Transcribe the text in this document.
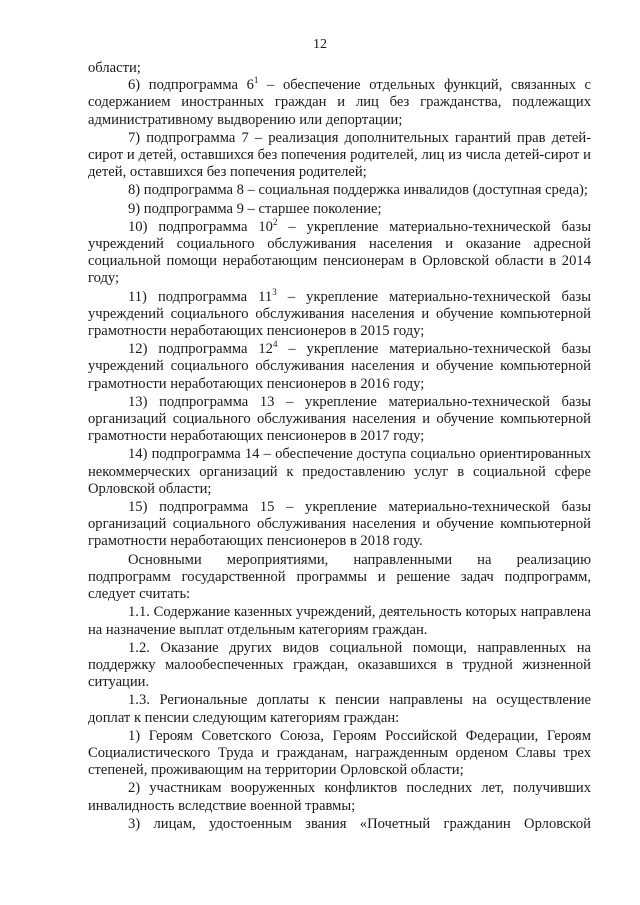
12

области;

6) подпрограмма $6^1$ – обеспечение отдельных функций, связанных с содержанием иностранных граждан и лиц без гражданства, подлежащих административному выдворению или депортации;

7) подпрограмма 7 – реализация дополнительных гарантий прав детей-сирот и детей, оставшихся без попечения родителей, лиц из числа детей-сирот и детей, оставшихся без попечения родителей;

8) подпрограмма 8 – социальная поддержка инвалидов (доступная среда);

9) подпрограмма 9 – старшее поколение;

10) подпрограмма $10^2$ – укрепление материально-технической базы учреждений социального обслуживания населения и оказание адресной социальной помощи неработающим пенсионерам в Орловской области в 2014 году;

11) подпрограмма $11^3$ – укрепление материально-технической базы учреждений социального обслуживания населения и обучение компьютерной грамотности неработающих пенсионеров в 2015 году;

12) подпрограмма $12^4$ – укрепление материально-технической базы учреждений социального обслуживания населения и обучение компьютерной грамотности неработающих пенсионеров в 2016 году;

13) подпрограмма 13 – укрепление материально-технической базы организаций социального обслуживания населения и обучение компьютерной грамотности неработающих пенсионеров в 2017 году;

14) подпрограмма 14 – обеспечение доступа социально ориентированных некоммерческих организаций к предоставлению услуг в социальной сфере Орловской области;

15) подпрограмма 15 – укрепление материально-технической базы организаций социального обслуживания населения и обучение компьютерной грамотности неработающих пенсионеров в 2018 году.

Основными мероприятиями, направленными на реализацию подпрограмм государственной программы и решение задач подпрограмм, следует считать:

1.1. Содержание казенных учреждений, деятельность которых направлена на назначение выплат отдельным категориям граждан.

1.2. Оказание других видов социальной помощи, направленных на поддержку малообеспеченных граждан, оказавшихся в трудной жизненной ситуации.

1.3. Региональные доплаты к пенсии направлены на осуществление доплат к пенсии следующим категориям граждан:

1) Героям Советского Союза, Героям Российской Федерации, Героям Социалистического Труда и гражданам, награжденным орденом Славы трех степеней, проживающим на территории Орловской области;

2) участникам вооруженных конфликтов последних лет, получивших инвалидность вследствие военной травмы;

3) лицам, удостоенным звания «Почетный гражданин Орловской
